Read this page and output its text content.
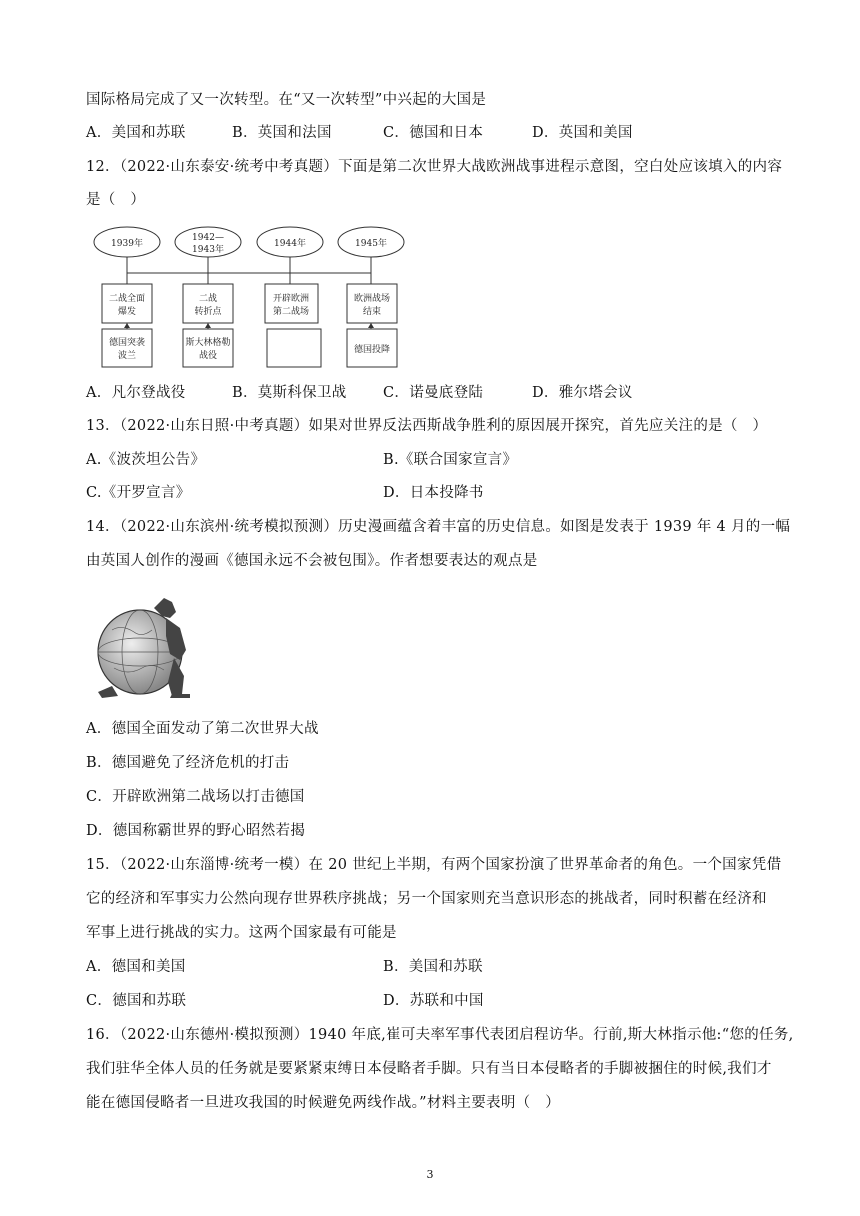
国际格局完成了又一次转型。在“又一次转型”中兴起的大国是
A．美国和苏联	B．英国和法国	C．德国和日本	D．英国和美国
12．（2022·山东泰安·统考中考真题）下面是第二次世界大战欧洲战事进程示意图，空白处应该填入的内容
是（　）
1939年
1942—
1943年
1944年	1945年
二战全面
爆发
二战
转折点
开辟欧洲
第二战场
欧洲战场
结束
德国突袭
波兰
斯大林格勒
战役
德国投降
A．凡尔登战役	B．莫斯科保卫战	C．诺曼底登陆	D．雅尔塔会议
13．（2022·山东日照·中考真题）如果对世界反法西斯战争胜利的原因展开探究，首先应关注的是（　）
A.《波茨坦公告》	B.《联合国家宣言》
C.《开罗宣言》	D．日本投降书
14．（2022·山东滨州·统考模拟预测）历史漫画蕴含着丰富的历史信息。如图是发表于 1939 年 4 月的一幅
由英国人创作的漫画《德国永远不会被包围》。作者想要表达的观点是
A．德国全面发动了第二次世界大战
B．德国避免了经济危机的打击
C．开辟欧洲第二战场以打击德国
D．德国称霸世界的野心昭然若揭
15．（2022·山东淄博·统考一模）在 20 世纪上半期，有两个国家扮演了世界革命者的角色。一个国家凭借
它的经济和军事实力公然向现存世界秩序挑战；另一个国家则充当意识形态的挑战者，同时积蓄在经济和
军事上进行挑战的实力。这两个国家最有可能是
A．德国和美国	B．美国和苏联
C．德国和苏联	D．苏联和中国
16．（2022·山东德州·模拟预测）1940 年底,崔可夫率军事代表团启程访华。行前,斯大林指示他:“您的任务,
我们驻华全体人员的任务就是要紧紧束缚日本侵略者手脚。只有当日本侵略者的手脚被捆住的时候,我们才
能在德国侵略者一旦进攻我国的时候避免两线作战。”材料主要表明（　）
3
